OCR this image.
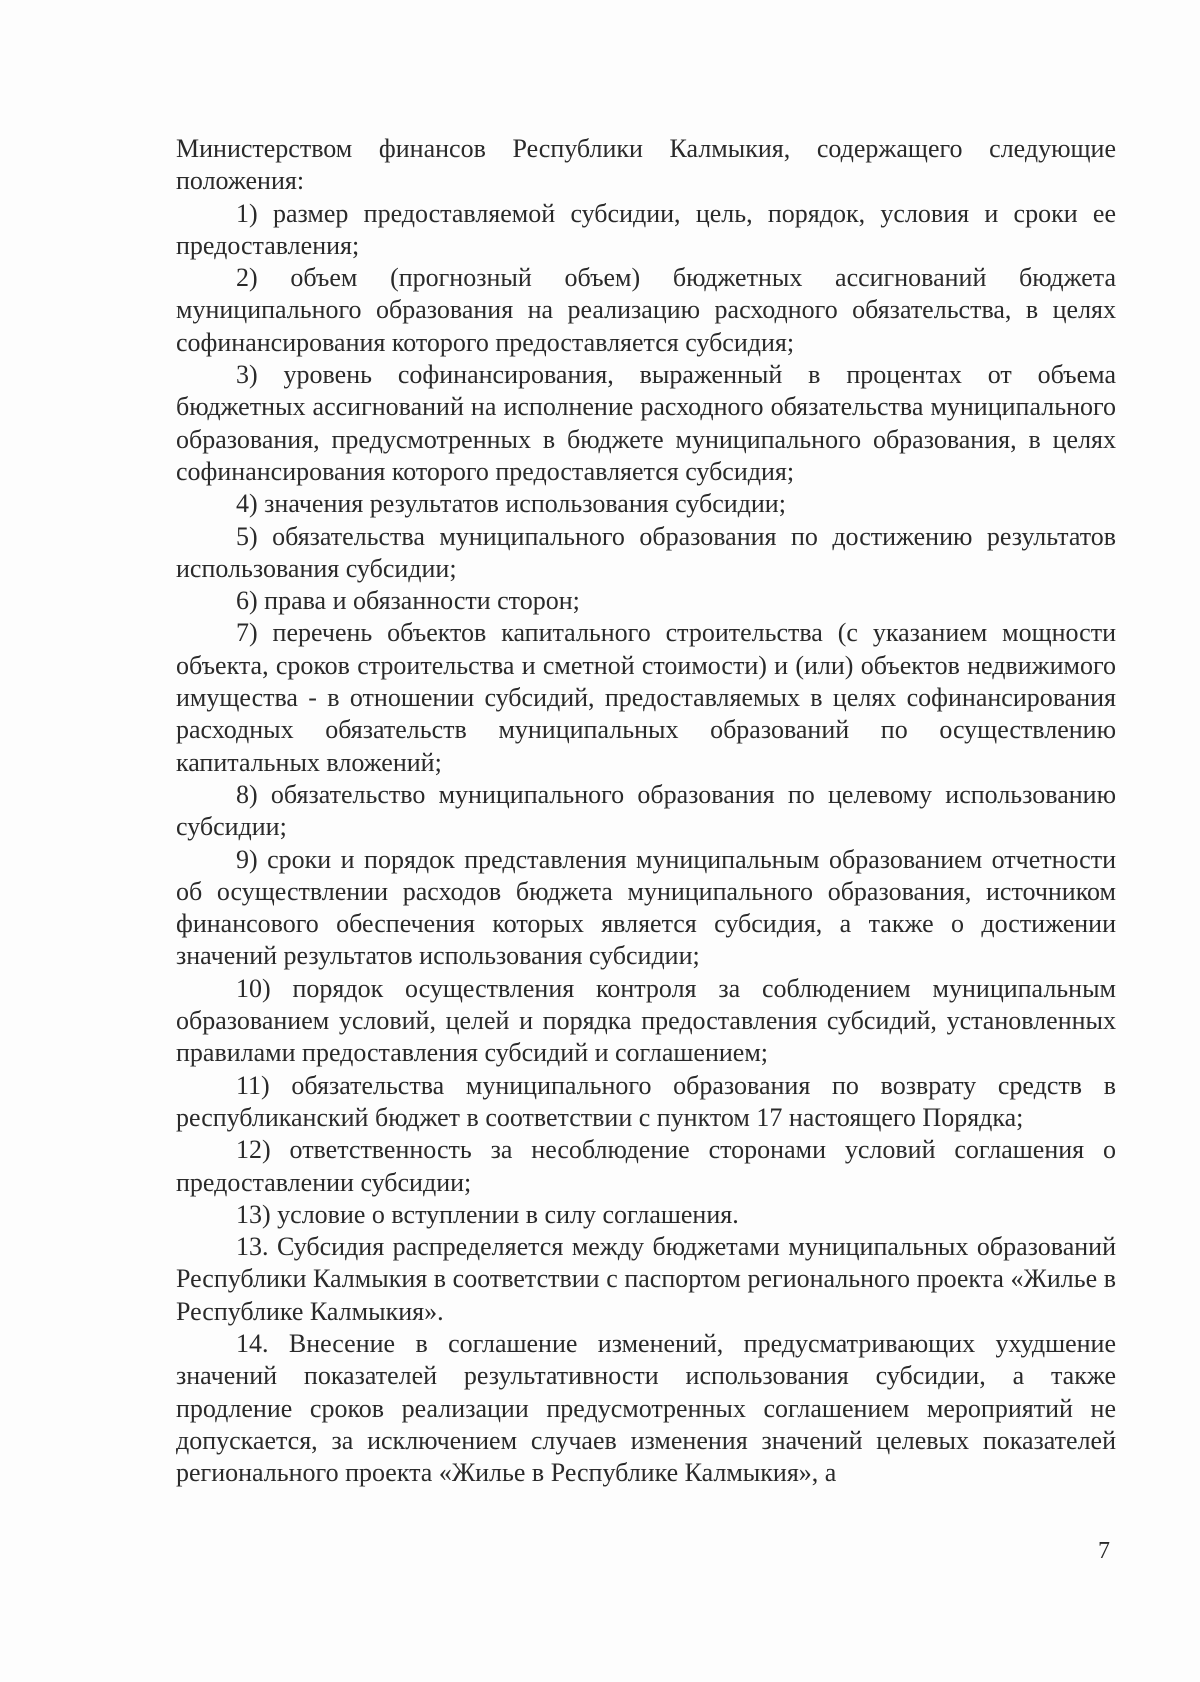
Министерством финансов Республики Калмыкия, содержащего следующие положения:

1) размер предоставляемой субсидии, цель, порядок, условия и сроки ее предоставления;

2) объем (прогнозный объем) бюджетных ассигнований бюджета муниципального образования на реализацию расходного обязательства, в целях софинансирования которого предоставляется субсидия;

3) уровень софинансирования, выраженный в процентах от объема бюджетных ассигнований на исполнение расходного обязательства муниципального образования, предусмотренных в бюджете муниципального образования, в целях софинансирования которого предоставляется субсидия;

4) значения результатов использования субсидии;

5) обязательства муниципального образования по достижению результатов использования субсидии;

6) права и обязанности сторон;

7) перечень объектов капитального строительства (с указанием мощности объекта, сроков строительства и сметной стоимости) и (или) объектов недвижимого имущества - в отношении субсидий, предоставляемых в целях софинансирования расходных обязательств муниципальных образований по осуществлению капитальных вложений;

8) обязательство муниципального образования по целевому использованию субсидии;

9) сроки и порядок представления муниципальным образованием отчетности об осуществлении расходов бюджета муниципального образования, источником финансового обеспечения которых является субсидия, а также о достижении значений результатов использования субсидии;

10) порядок осуществления контроля за соблюдением муниципальным образованием условий, целей и порядка предоставления субсидий, установленных правилами предоставления субсидий и соглашением;

11) обязательства муниципального образования по возврату средств в республиканский бюджет в соответствии с пунктом 17 настоящего Порядка;

12) ответственность за несоблюдение сторонами условий соглашения о предоставлении субсидии;

13) условие о вступлении в силу соглашения.

13. Субсидия распределяется между бюджетами муниципальных образований Республики Калмыкия в соответствии с паспортом регионального проекта «Жилье в Республике Калмыкия».

14. Внесение в соглашение изменений, предусматривающих ухудшение значений показателей результативности использования субсидии, а также продление сроков реализации предусмотренных соглашением мероприятий не допускается, за исключением случаев изменения значений целевых показателей регионального проекта «Жилье в Республике Калмыкия», а

7
